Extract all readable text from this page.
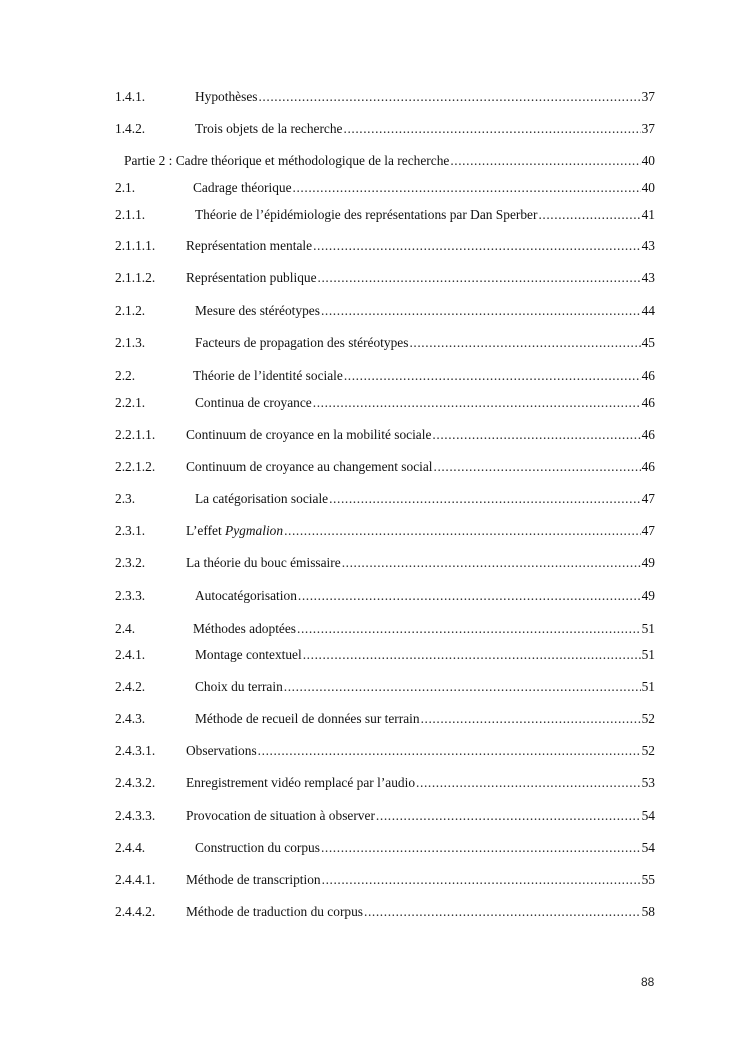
1.4.1.	Hypothèses .....	37
1.4.2.	Trois objets de la recherche .....	37
Partie 2 : Cadre théorique et méthodologique de la recherche .....	40
2.1.	Cadrage théorique .....	40
2.1.1.	Théorie de l’épidémiologie des représentations par Dan Sperber .....	41
2.1.1.1. Représentation mentale .....	43
2.1.1.2. Représentation publique .....	43
2.1.2.	Mesure des stéréotypes .....	44
2.1.3.	Facteurs de propagation des stéréotypes .....	45
2.2.	Théorie de l’identité sociale .....	46
2.2.1.	Continua de croyance .....	46
2.2.1.1. Continuum de croyance en la mobilité sociale .....	46
2.2.1.2. Continuum de croyance au changement social .....	46
2.3.	La catégorisation sociale .....	47
2.3.1.	L’effet Pygmalion .....	47
2.3.2.	La théorie du bouc émissaire .....	49
2.3.3.	Autocatégorisation .....	49
2.4.	Méthodes adoptées .....	51
2.4.1.	Montage contextuel .....	51
2.4.2.	Choix du terrain .....	51
2.4.3.	Méthode de recueil de données sur terrain .....	52
2.4.3.1. Observations .....	52
2.4.3.2. Enregistrement vidéo remplacé par l’audio .....	53
2.4.3.3. Provocation de situation à observer .....	54
2.4.4.	Construction du corpus .....	54
2.4.4.1. Méthode de transcription .....	55
2.4.4.2. Méthode de traduction du corpus .....	58
88
